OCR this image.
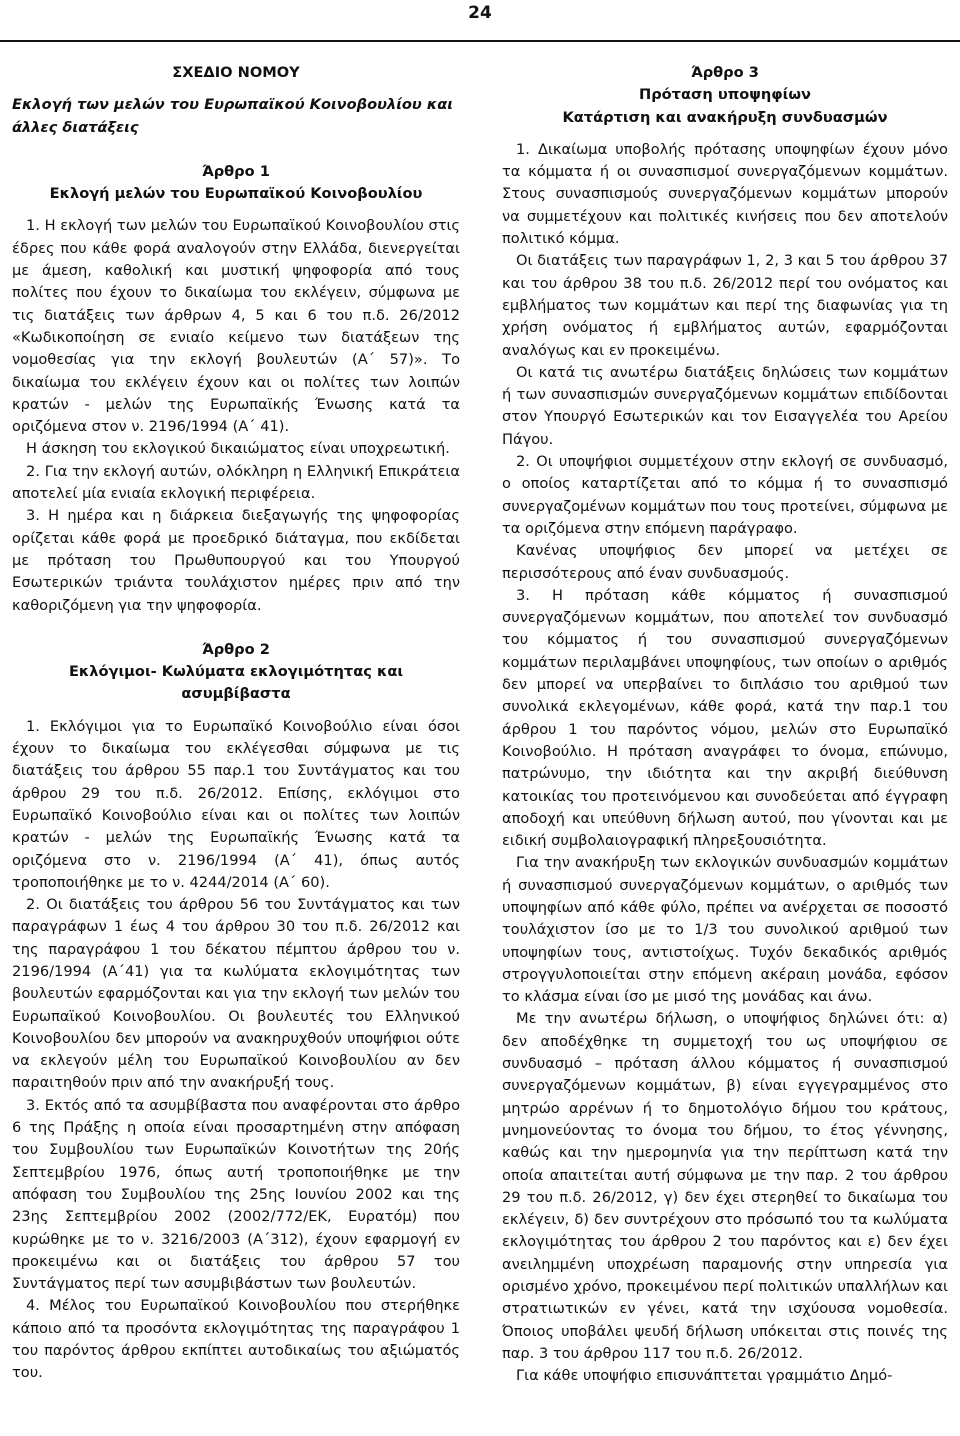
24

ΣΧΕΔΙΟ ΝΟΜΟΥ

Εκλογή των μελών του Ευρωπαϊκού Κοινοβουλίου και άλλες διατάξεις

Άρθρο 1

Εκλογή μελών του Ευρωπαϊκού Κοινοβουλίου

1. Η εκλογή των μελών του Ευρωπαϊκού Κοινοβουλίου στις έδρες που κάθε φορά αναλογούν στην Ελλάδα, διενεργείται με άμεση, καθολική και μυστική ψηφοφορία από τους πολίτες που έχουν το δικαίωμα του εκλέγειν, σύμφωνα με τις διατάξεις των άρθρων 4, 5 και 6 του π.δ. 26/2012 «Κωδικοποίηση σε ενιαίο κείμενο των διατάξεων της νομοθεσίας για την εκλογή βουλευτών (Α΄ 57)». Το δικαίωμα του εκλέγειν έχουν και οι πολίτες των λοιπών κρατών - μελών της Ευρωπαϊκής Ένωσης κατά τα οριζόμενα στον ν. 2196/1994 (Α΄ 41).

Η άσκηση του εκλογικού δικαιώματος είναι υποχρεωτική.

2. Για την εκλογή αυτών, ολόκληρη η Ελληνική Επικράτεια αποτελεί μία ενιαία εκλογική περιφέρεια.

3. Η ημέρα και η διάρκεια διεξαγωγής της ψηφοφορίας ορίζεται κάθε φορά με προεδρικό διάταγμα, που εκδίδεται με πρόταση του Πρωθυπουργού και του Υπουργού Εσωτερικών τριάντα τουλάχιστον ημέρες πριν από την καθοριζόμενη για την ψηφοφορία.

Άρθρο 2

Εκλόγιμοι- Κωλύματα εκλογιμότητας και ασυμβίβαστα

1. Εκλόγιμοι για το Ευρωπαϊκό Κοινοβούλιο είναι όσοι έχουν το δικαίωμα του εκλέγεσθαι σύμφωνα με τις διατάξεις του άρθρου 55 παρ.1 του Συντάγματος και του άρθρου 29 του π.δ. 26/2012. Επίσης, εκλόγιμοι στο Ευρωπαϊκό Κοινοβούλιο είναι και οι πολίτες των λοιπών κρατών - μελών της Ευρωπαϊκής Ένωσης κατά τα οριζόμενα στο ν. 2196/1994 (Α΄ 41), όπως αυτός τροποποιήθηκε με το ν. 4244/2014 (Α΄ 60).

2. Οι διατάξεις του άρθρου 56 του Συντάγματος και των παραγράφων 1 έως 4 του άρθρου 30 του π.δ. 26/2012 και της παραγράφου 1 του δέκατου πέμπτου άρθρου του ν. 2196/1994 (Α΄41) για τα κωλύματα εκλογιμότητας των βουλευτών εφαρμόζονται και για την εκλογή των μελών του Ευρωπαϊκού Κοινοβουλίου. Οι βουλευτές του Ελληνικού Κοινοβουλίου δεν μπορούν να ανακηρυχθούν υποψήφιοι ούτε να εκλεγούν μέλη του Ευρωπαϊκού Κοινοβουλίου αν δεν παραιτηθούν πριν από την ανακήρυξή τους.

3. Εκτός από τα ασυμβίβαστα που αναφέρονται στο άρθρο 6 της Πράξης η οποία είναι προσαρτημένη στην απόφαση του Συμβουλίου των Ευρωπαϊκών Κοινοτήτων της 20ής Σεπτεμβρίου 1976, όπως αυτή τροποποιήθηκε με την απόφαση του Συμβουλίου της 25ης Ιουνίου 2002 και της 23ης Σεπτεμβρίου 2002 (2002/772/ΕΚ, Ευρατόμ) που κυρώθηκε με το ν. 3216/2003 (Α΄312), έχουν εφαρμογή εν προκειμένω και οι διατάξεις του άρθρου 57 του Συντάγματος περί των ασυμβιβάστων των βουλευτών.

4. Μέλος του Ευρωπαϊκού Κοινοβουλίου που στερήθηκε κάποιο από τα προσόντα εκλογιμότητας της παραγράφου 1 του παρόντος άρθρου εκπίπτει αυτοδικαίως του αξιώματός του.

Άρθρο 3

Πρόταση υποψηφίων

Κατάρτιση και ανακήρυξη συνδυασμών

1. Δικαίωμα υποβολής πρότασης υποψηφίων έχουν μόνο τα κόμματα ή οι συνασπισμοί συνεργαζόμενων κομμάτων. Στους συνασπισμούς συνεργαζόμενων κομμάτων μπορούν να συμμετέχουν και πολιτικές κινήσεις που δεν αποτελούν πολιτικό κόμμα.

Οι διατάξεις των παραγράφων 1, 2, 3 και 5 του άρθρου 37 και του άρθρου 38 του π.δ. 26/2012 περί του ονόματος και εμβλήματος των κομμάτων και περί της διαφωνίας για τη χρήση ονόματος ή εμβλήματος αυτών, εφαρμόζονται αναλόγως και εν προκειμένω.

Οι κατά τις ανωτέρω διατάξεις δηλώσεις των κομμάτων ή των συνασπισμών συνεργαζόμενων κομμάτων επιδίδονται στον Υπουργό Εσωτερικών και τον Εισαγγελέα του Αρείου Πάγου.

2. Οι υποψήφιοι συμμετέχουν στην εκλογή σε συνδυασμό, ο οποίος καταρτίζεται από το κόμμα ή το συνασπισμό συνεργαζομένων κομμάτων που τους προτείνει, σύμφωνα με τα οριζόμενα στην επόμενη παράγραφο.

Κανένας υποψήφιος δεν μπορεί να μετέχει σε περισσότερους από έναν συνδυασμούς.

3. Η πρόταση κάθε κόμματος ή συνασπισμού συνεργαζόμενων κομμάτων, που αποτελεί τον συνδυασμό του κόμματος ή του συνασπισμού συνεργαζόμενων κομμάτων περιλαμβάνει υποψηφίους, των οποίων ο αριθμός δεν μπορεί να υπερβαίνει το διπλάσιο του αριθμού των συνολικά εκλεγομένων, κάθε φορά, κατά την παρ.1 του άρθρου 1 του παρόντος νόμου, μελών στο Ευρωπαϊκό Κοινοβούλιο. Η πρόταση αναγράφει το όνομα, επώνυμο, πατρώνυμο, την ιδιότητα και την ακριβή διεύθυνση κατοικίας του προτεινόμενου και συνοδεύεται από έγγραφη αποδοχή και υπεύθυνη δήλωση αυτού, που γίνονται και με ειδική συμβολαιογραφική πληρεξουσιότητα.

Για την ανακήρυξη των εκλογικών συνδυασμών κομμάτων ή συνασπισμού συνεργαζόμενων κομμάτων, ο αριθμός των υποψηφίων από κάθε φύλο, πρέπει να ανέρχεται σε ποσοστό τουλάχιστον ίσο με το 1/3 του συνολικού αριθμού των υποψηφίων τους, αντιστοίχως. Τυχόν δεκαδικός αριθμός στρογγυλοποιείται στην επόμενη ακέραιη μονάδα, εφόσον το κλάσμα είναι ίσο με μισό της μονάδας και άνω.

Με την ανωτέρω δήλωση, ο υποψήφιος δηλώνει ότι: α) δεν αποδέχθηκε τη συμμετοχή του ως υποψήφιου σε συνδυασμό – πρόταση άλλου κόμματος ή συνασπισμού συνεργαζόμενων κομμάτων, β) είναι εγγεγραμμένος στο μητρώο αρρένων ή το δημοτολόγιο δήμου του κράτους, μνημονεύοντας το όνομα του δήμου, το έτος γέννησης, καθώς και την ημερομηνία για την περίπτωση κατά την οποία απαιτείται αυτή σύμφωνα με την παρ. 2 του άρθρου 29 του π.δ. 26/2012, γ) δεν έχει στερηθεί το δικαίωμα του εκλέγειν, δ) δεν συντρέχουν στο πρόσωπό του τα κωλύματα εκλογιμότητας του άρθρου 2 του παρόντος και ε) δεν έχει ανειλημμένη υποχρέωση παραμονής στην υπηρεσία για ορισμένο χρόνο, προκειμένου περί πολιτικών υπαλλήλων και στρατιωτικών εν γένει, κατά την ισχύουσα νομοθεσία. Όποιος υποβάλει ψευδή δήλωση υπόκειται στις ποινές της παρ. 3 του άρθρου 117 του π.δ. 26/2012.

Για κάθε υποψήφιο επισυνάπτεται γραμμάτιο Δημό-
